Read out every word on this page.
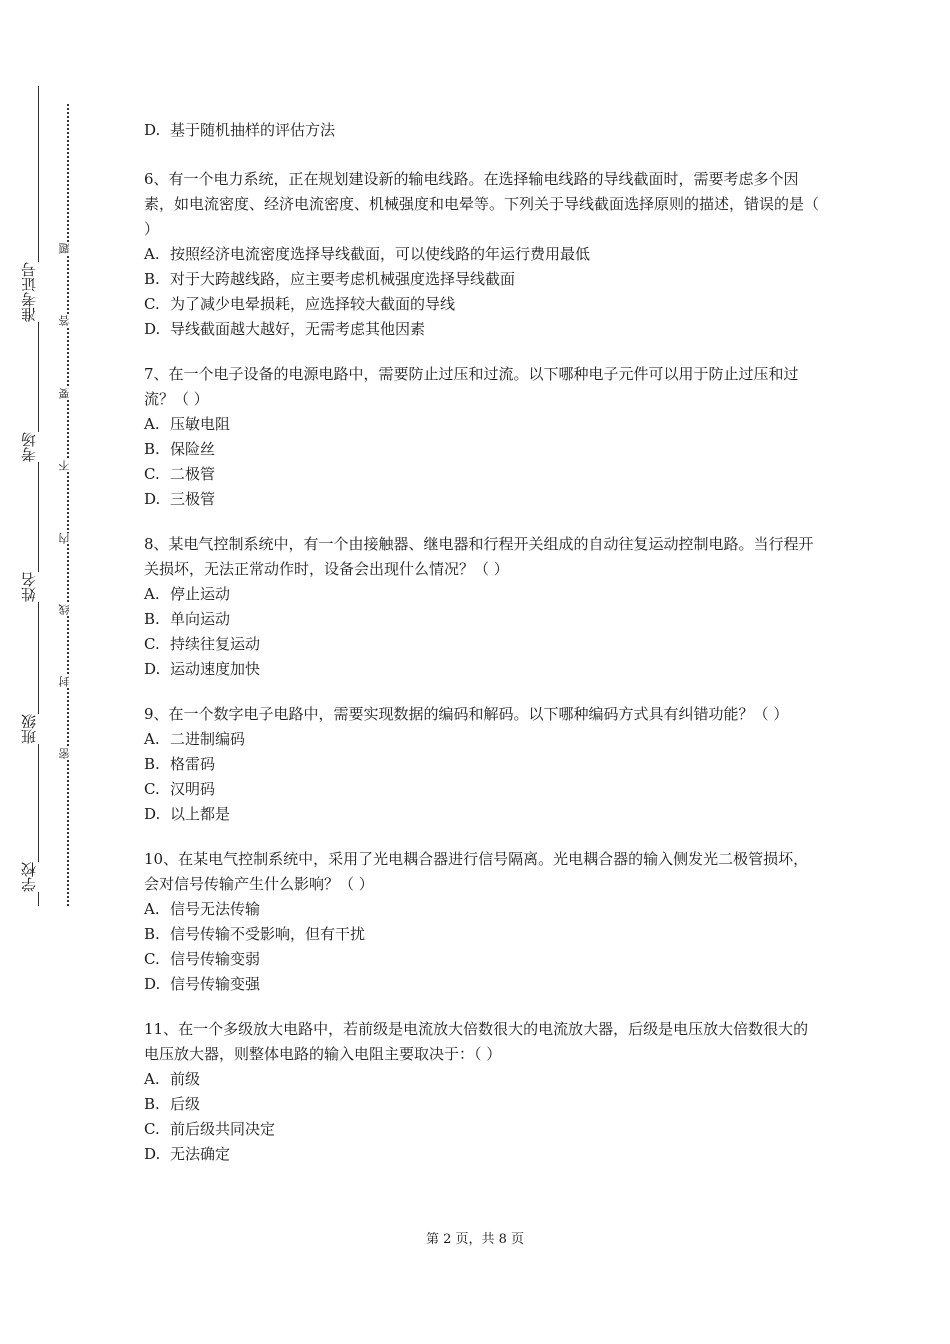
准考证号
考场
姓名
班级
学校
题
答
要
不
内
线
封
密

D. 基于随机抽样的评估方法

6、有一个电力系统，正在规划建设新的输电线路。在选择输电线路的导线截面时，需要考虑多个因素，如电流密度、经济电流密度、机械强度和电晕等。下列关于导线截面选择原则的描述，错误的是（ ）

A. 按照经济电流密度选择导线截面，可以使线路的年运行费用最低

B. 对于大跨越线路，应主要考虑机械强度选择导线截面

C. 为了减少电晕损耗，应选择较大截面的导线

D. 导线截面越大越好，无需考虑其他因素

7、在一个电子设备的电源电路中，需要防止过压和过流。以下哪种电子元件可以用于防止过压和过流？（ ）

A. 压敏电阻

B. 保险丝

C. 二极管

D. 三极管

8、某电气控制系统中，有一个由接触器、继电器和行程开关组成的自动往复运动控制电路。当行程开关损坏，无法正常动作时，设备会出现什么情况？（ ）

A. 停止运动

B. 单向运动

C. 持续往复运动

D. 运动速度加快

9、在一个数字电子电路中，需要实现数据的编码和解码。以下哪种编码方式具有纠错功能？（ ）

A. 二进制编码

B. 格雷码

C. 汉明码

D. 以上都是

10、在某电气控制系统中，采用了光电耦合器进行信号隔离。光电耦合器的输入侧发光二极管损坏，会对信号传输产生什么影响？（ ）

A. 信号无法传输

B. 信号传输不受影响，但有干扰

C. 信号传输变弱

D. 信号传输变强

11、在一个多级放大电路中，若前级是电流放大倍数很大的电流放大器，后级是电压放大倍数很大的电压放大器，则整体电路的输入电阻主要取决于：（ ）

A. 前级

B. 后级

C. 前后级共同决定

D. 无法确定

第 2 页，共 8 页
